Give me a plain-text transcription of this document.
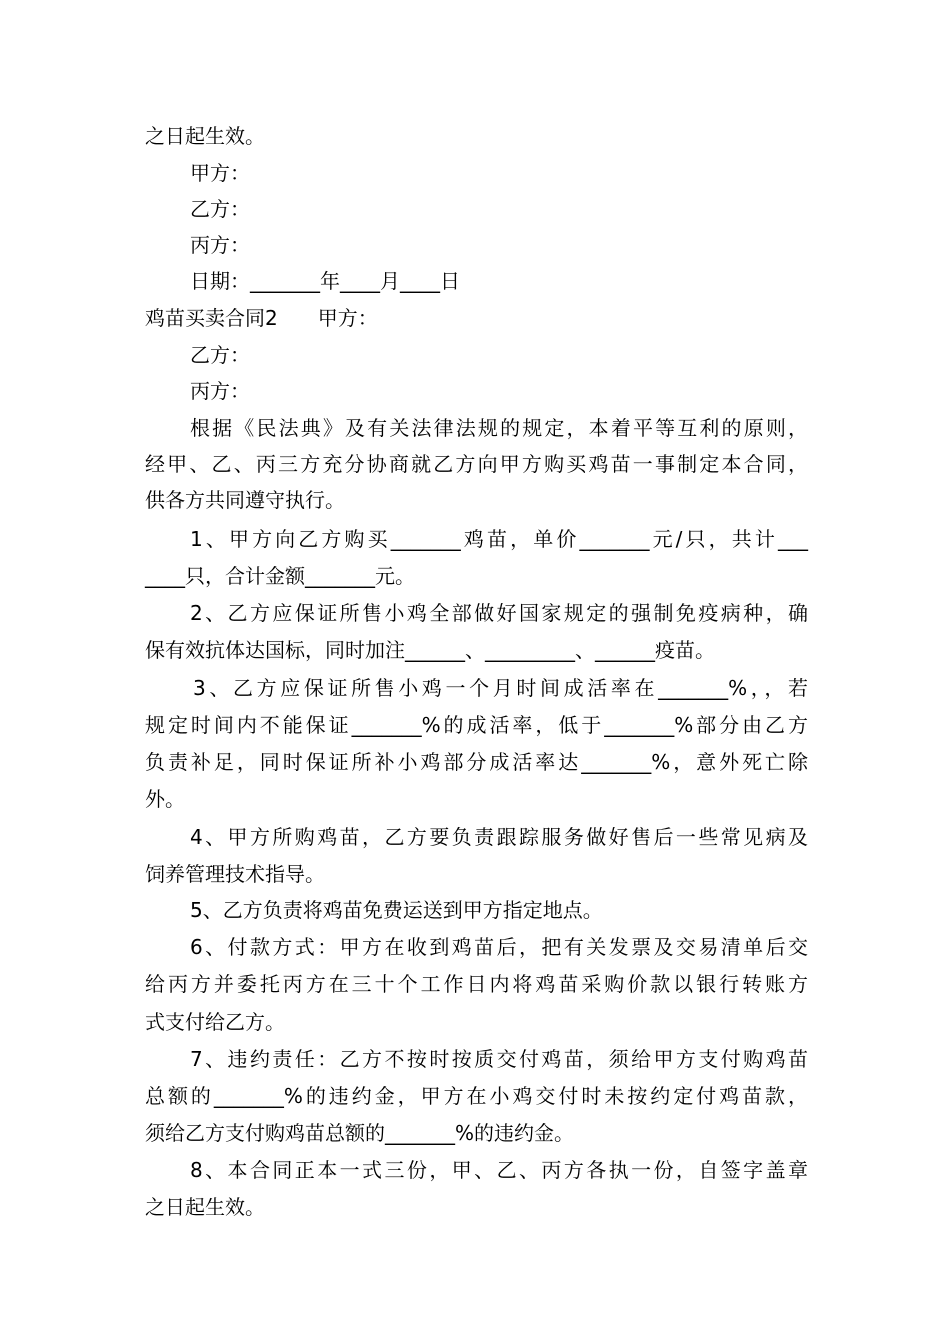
之日起生效。
甲方：
乙方：
丙方：
日期：_______年____月____日
鸡苗买卖合同2　　甲方：
乙方：
丙方：
根据《民法典》及有关法律法规的规定，本着平等互利的原则，
经甲、乙、丙三方充分协商就乙方向甲方购买鸡苗一事制定本合同，
供各方共同遵守执行。
1、甲方向乙方购买_______鸡苗，单价_______元/只，共计___
____只，合计金额_______元。
2、乙方应保证所售小鸡全部做好国家规定的强制免疫病种，确
保有效抗体达国标，同时加注______、_________、______疫苗。
3、乙方应保证所售小鸡一个月时间成活率在_______%，，若
规定时间内不能保证_______%的成活率，低于_______%部分由乙方
负责补足，同时保证所补小鸡部分成活率达_______%，意外死亡除
外。
4、甲方所购鸡苗，乙方要负责跟踪服务做好售后一些常见病及
饲养管理技术指导。
5、乙方负责将鸡苗免费运送到甲方指定地点。
6、付款方式：甲方在收到鸡苗后，把有关发票及交易清单后交
给丙方并委托丙方在三十个工作日内将鸡苗采购价款以银行转账方
式支付给乙方。
7、违约责任：乙方不按时按质交付鸡苗，须给甲方支付购鸡苗
总额的_______%的违约金，甲方在小鸡交付时未按约定付鸡苗款，
须给乙方支付购鸡苗总额的_______%的违约金。
8、本合同正本一式三份，甲、乙、丙方各执一份，自签字盖章
之日起生效。
